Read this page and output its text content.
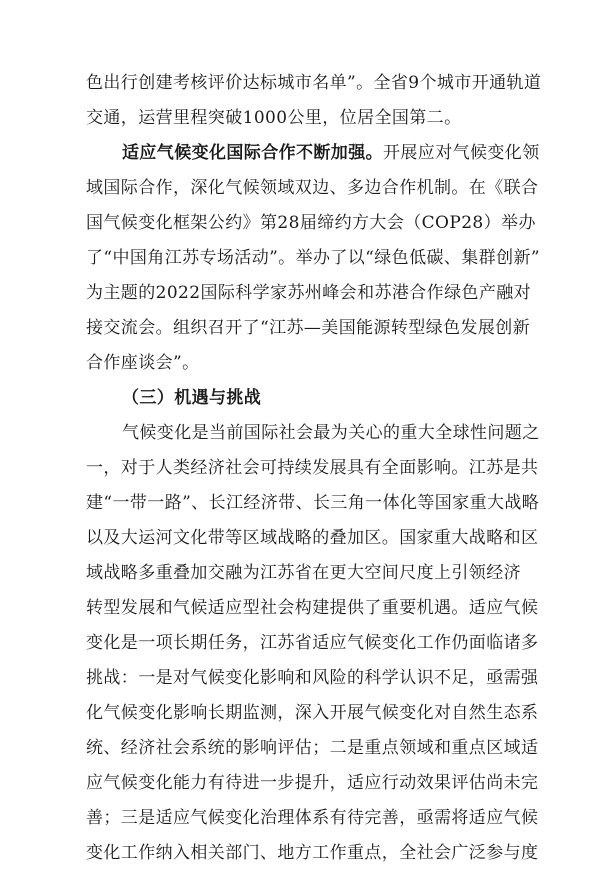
色出行创建考核评价达标城市名单”。全省9个城市开通轨道
交通，运营里程突破1000公里，位居全国第二。
适应气候变化国际合作不断加强。开展应对气候变化领
域国际合作，深化气候领域双边、多边合作机制。在《联合
国气候变化框架公约》第28届缔约方大会（COP28）举办
了“中国角江苏专场活动”。举办了以“绿色低碳、集群创新”
为主题的2022国际科学家苏州峰会和苏港合作绿色产融对
接交流会。组织召开了“江苏—美国能源转型绿色发展创新
合作座谈会”。
（三）机遇与挑战
气候变化是当前国际社会最为关心的重大全球性问题之
一，对于人类经济社会可持续发展具有全面影响。江苏是共
建“一带一路”、长江经济带、长三角一体化等国家重大战略
以及大运河文化带等区域战略的叠加区。国家重大战略和区
域战略多重叠加交融为江苏省在更大空间尺度上引领经济
转型发展和气候适应型社会构建提供了重要机遇。适应气候
变化是一项长期任务，江苏省适应气候变化工作仍面临诸多
挑战：一是对气候变化影响和风险的科学认识不足，亟需强
化气候变化影响长期监测，深入开展气候变化对自然生态系
统、经济社会系统的影响评估；二是重点领域和重点区域适
应气候变化能力有待进一步提升，适应行动效果评估尚未完
善；三是适应气候变化治理体系有待完善，亟需将适应气候
变化工作纳入相关部门、地方工作重点，全社会广泛参与度
